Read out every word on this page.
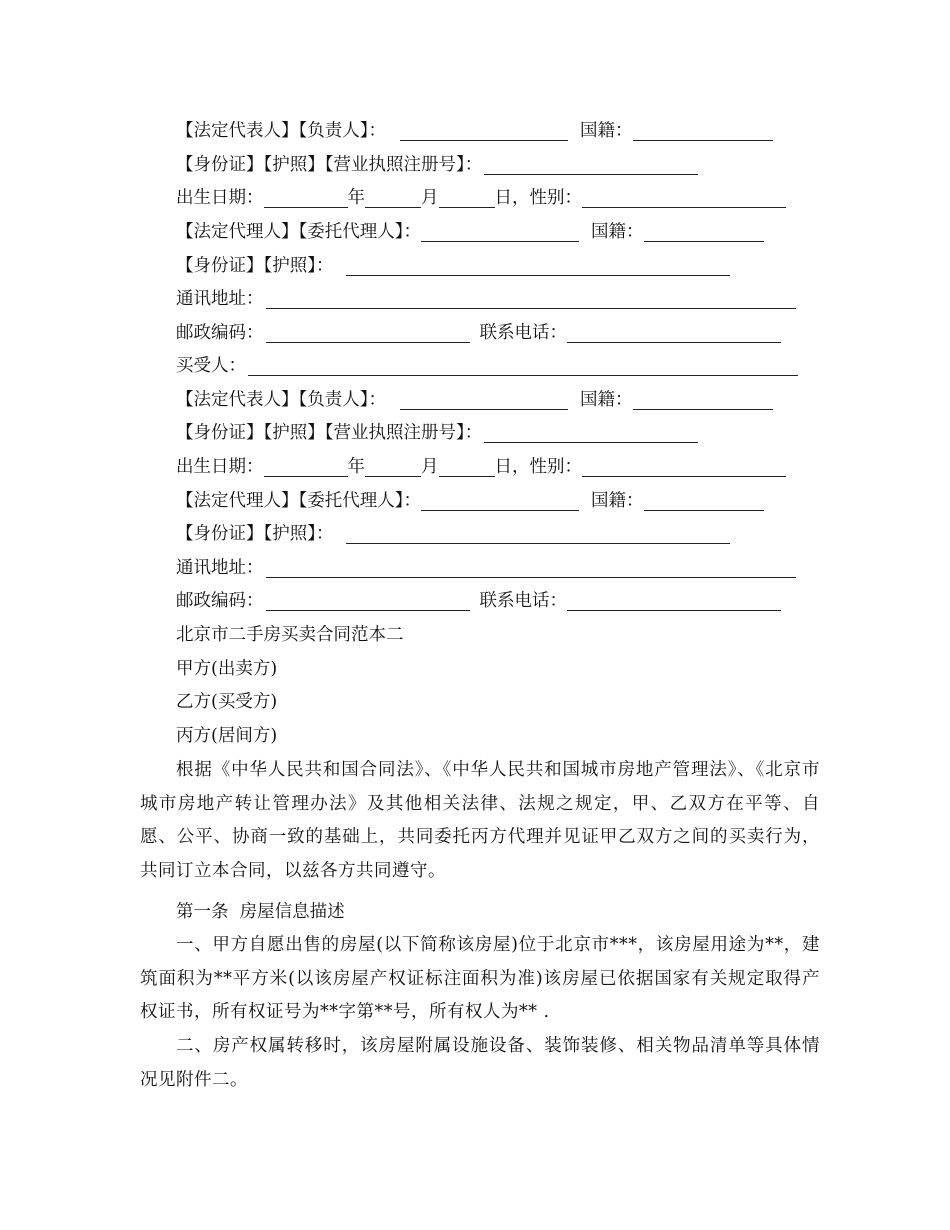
【法定代表人】【负责人】：	国籍：
【身份证】【护照】【营业执照注册号】：
出生日期：	年	月	日，性别：
【法定代理人】【委托代理人】：	国籍：
【身份证】【护照】：
通讯地址：
邮政编码：	联系电话：
买受人：
【法定代表人】【负责人】：	国籍：
【身份证】【护照】【营业执照注册号】：
出生日期：	年	月	日，性别：
【法定代理人】【委托代理人】：	国籍：
【身份证】【护照】：
通讯地址：
邮政编码：	联系电话：
北京市二手房买卖合同范本二
甲方(出卖方)
乙方(买受方)
丙方(居间方)
根据《中华人民共和国合同法》、《中华人民共和国城市房地产管理法》、《北京市城市房地产转让管理办法》及其他相关法律、法规之规定，甲、乙双方在平等、自愿、公平、协商一致的基础上，共同委托丙方代理并见证甲乙双方之间的买卖行为，共同订立本合同，以兹各方共同遵守。
第一条  房屋信息描述
一、甲方自愿出售的房屋(以下简称该房屋)位于北京市***，该房屋用途为**，建筑面积为**平方米(以该房屋产权证标注面积为准)该房屋已依据国家有关规定取得产权证书，所有权证号为**字第**号，所有权人为** .
二、房产权属转移时，该房屋附属设施设备、装饰装修、相关物品清单等具体情况见附件二。
